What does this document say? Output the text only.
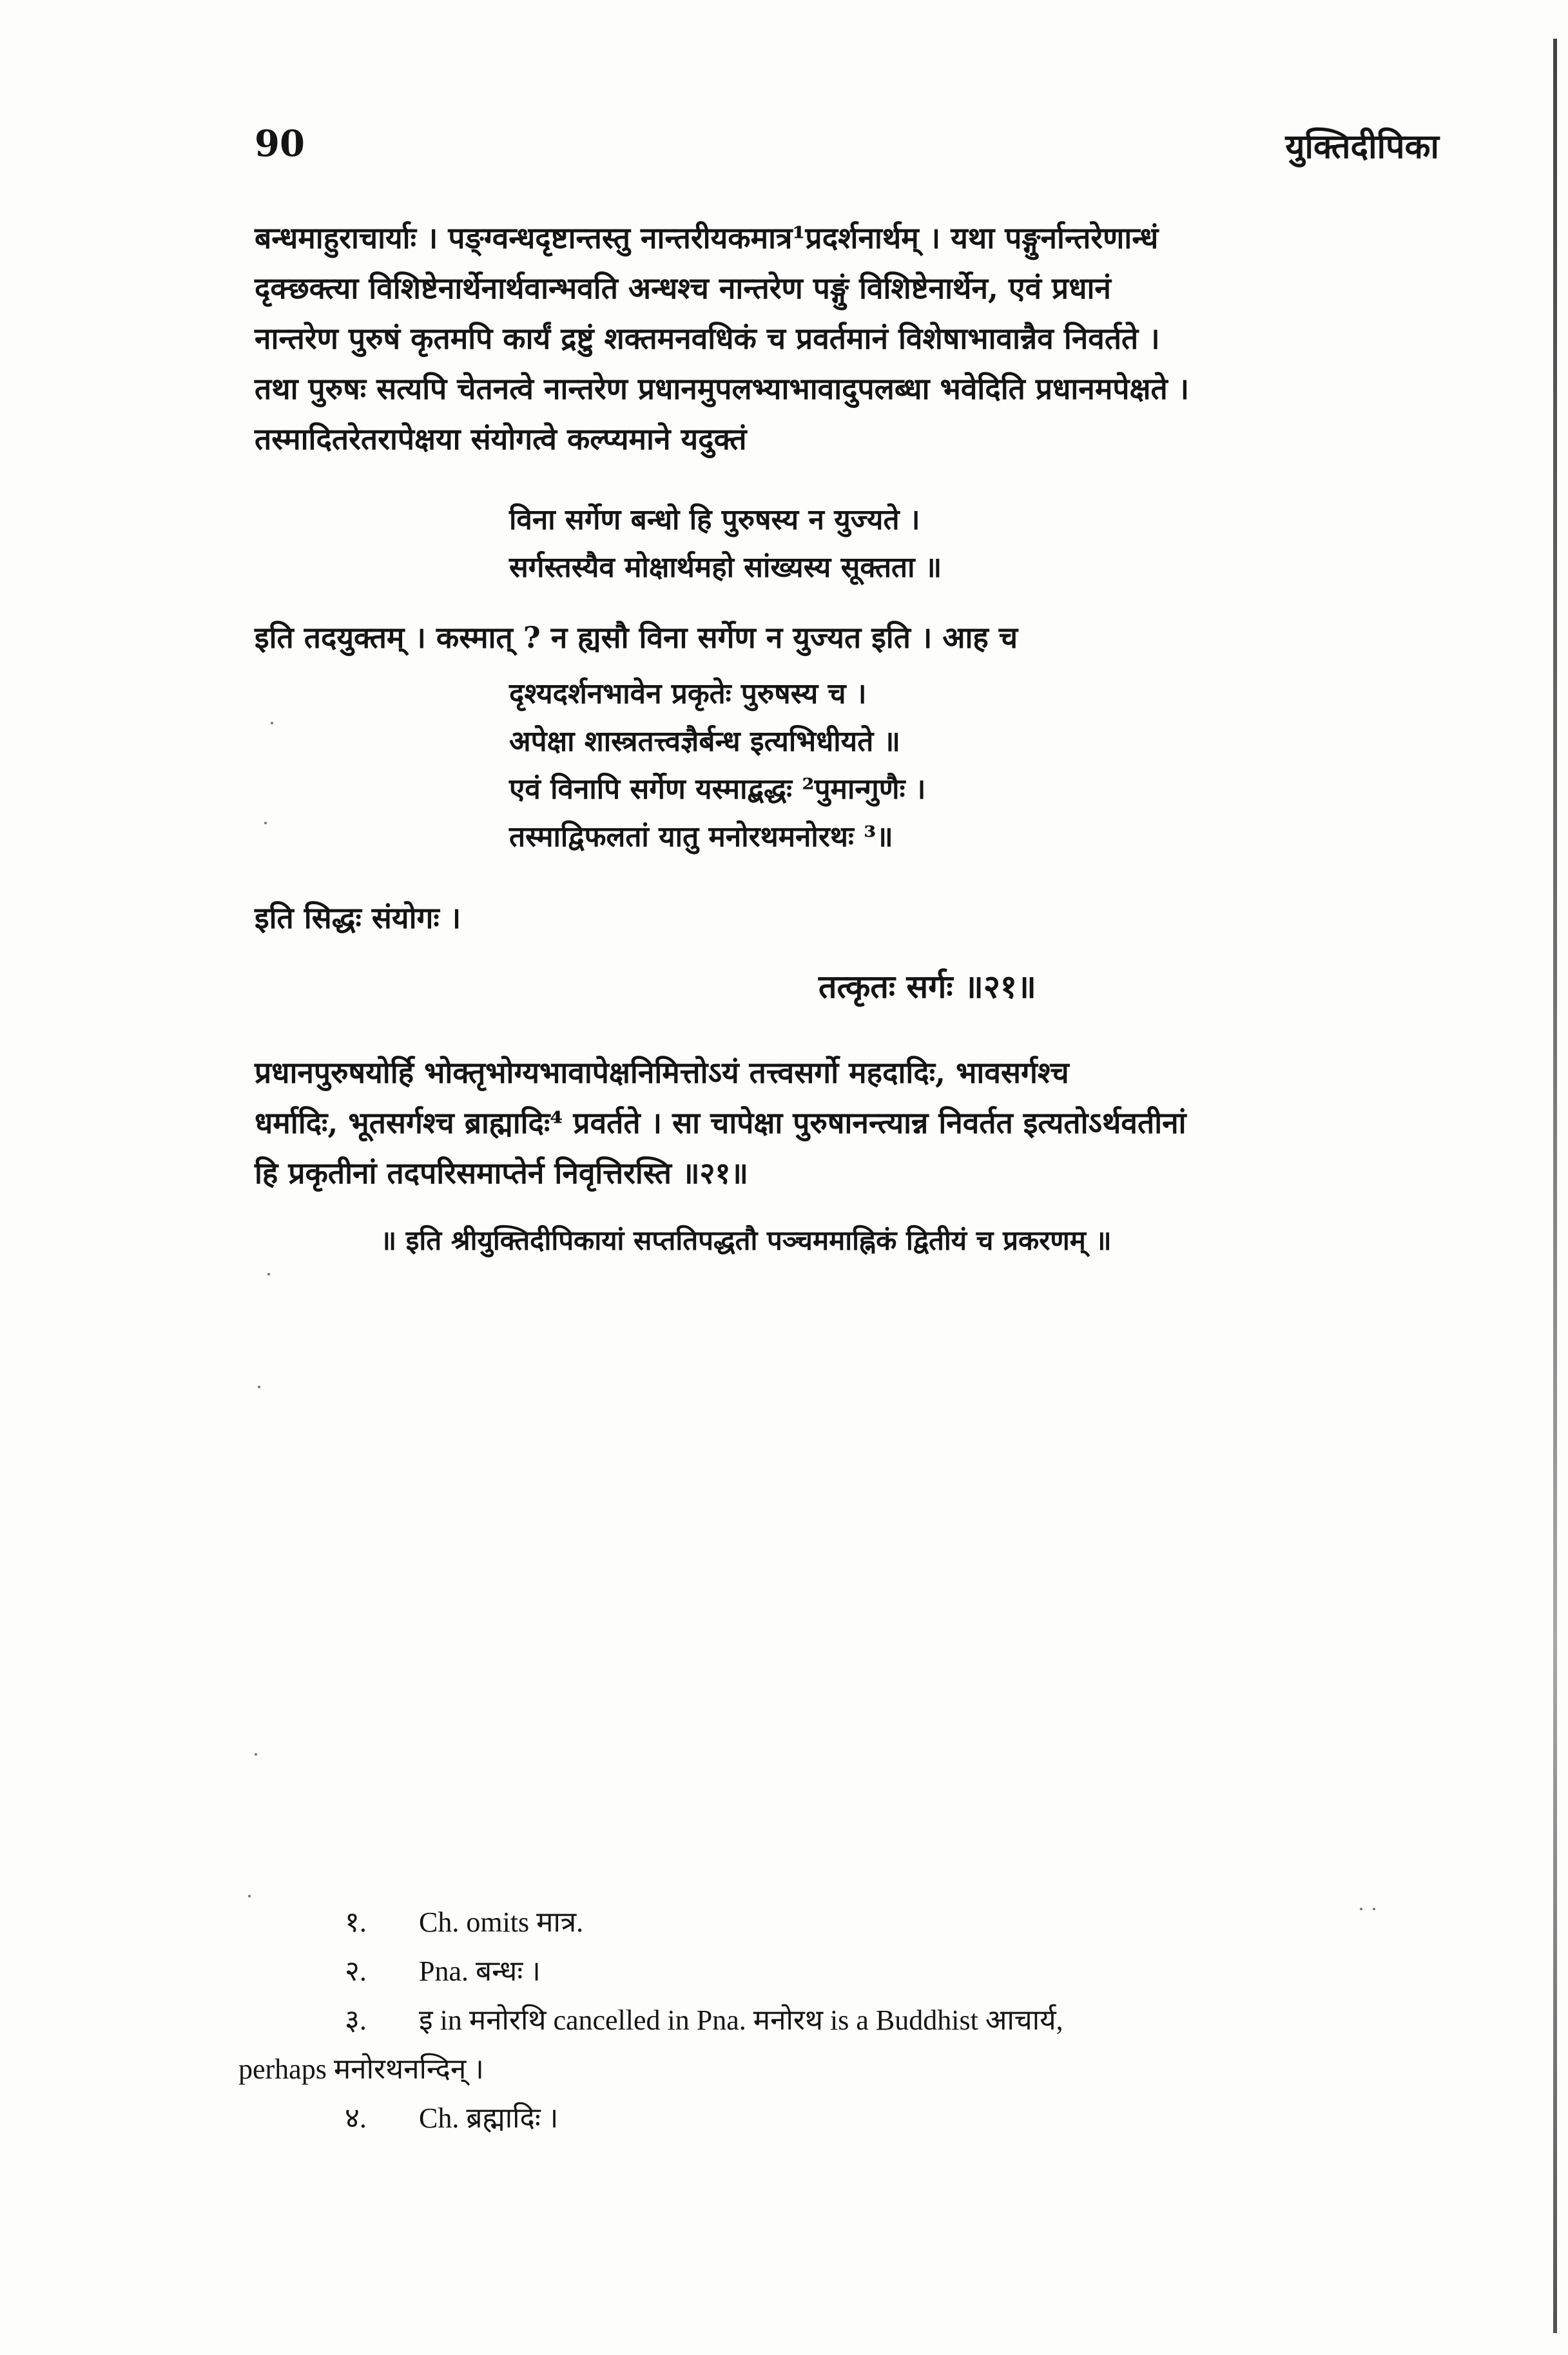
90	युक्तिदीपिका
बन्धमाहुराचार्याः । पङ्ग्वन्धदृष्टान्तस्तु नान्तरीयकमात्र¹प्रदर्शनार्थम् । यथा पङ्गुर्नान्तरेणान्धं
दृक्छक्त्या विशिष्टेनार्थेनार्थवान्भवति अन्धश्च नान्तरेण पङ्गुं विशिष्टेनार्थेन, एवं प्रधानं
नान्तरेण पुरुषं कृतमपि कार्यं द्रष्टुं शक्तमनवधिकं च प्रवर्तमानं विशेषाभावान्नैव निवर्तते ।
तथा पुरुषः सत्यपि चेतनत्वे नान्तरेण प्रधानमुपलभ्याभावादुपलब्धा भवेदिति प्रधानमपेक्षते ।
तस्मादितरेतरापेक्षया संयोगत्वे कल्प्यमाने यदुक्तं
विना सर्गेण बन्धो हि पुरुषस्य न युज्यते ।
सर्गस्तस्यैव मोक्षार्थमहो सांख्यस्य सूक्तता ॥
इति तदयुक्तम् । कस्मात् ? न ह्यसौ विना सर्गेण न युज्यत इति । आह च
दृश्यदर्शनभावेन प्रकृतेः पुरुषस्य च ।
अपेक्षा शास्त्रतत्त्वज्ञैर्बन्ध इत्यभिधीयते ॥
एवं विनापि सर्गेण यस्माद्बद्धः ²पुमान्गुणैः ।
तस्माद्विफलतां यातु मनोरथमनोरथः ³॥
इति सिद्धः संयोगः ।
तत्कृतः सर्गः ॥२१॥
प्रधानपुरुषयोर्हि भोक्तृभोग्यभावापेक्षनिमित्तोऽयं तत्त्वसर्गो महदादिः, भावसर्गश्च
धर्मादिः, भूतसर्गश्च ब्राह्मादिः⁴ प्रवर्तते । सा चापेक्षा पुरुषानन्त्यान्न निवर्तत इत्यतोऽर्थवतीनां
हि प्रकृतीनां तदपरिसमाप्तेर्न निवृत्तिरस्ति ॥२१॥
॥ इति श्रीयुक्तिदीपिकायां सप्ततिपद्धतौ पञ्चममाह्निकं द्वितीयं च प्रकरणम् ॥
१. Ch. omits मात्र.
२. Pna. बन्धः ।
३. इ in मनोरथि cancelled in Pna. मनोरथ is a Buddhist आचार्य,
perhaps मनोरथनन्दिन् ।
४. Ch. ब्रह्मादिः ।
